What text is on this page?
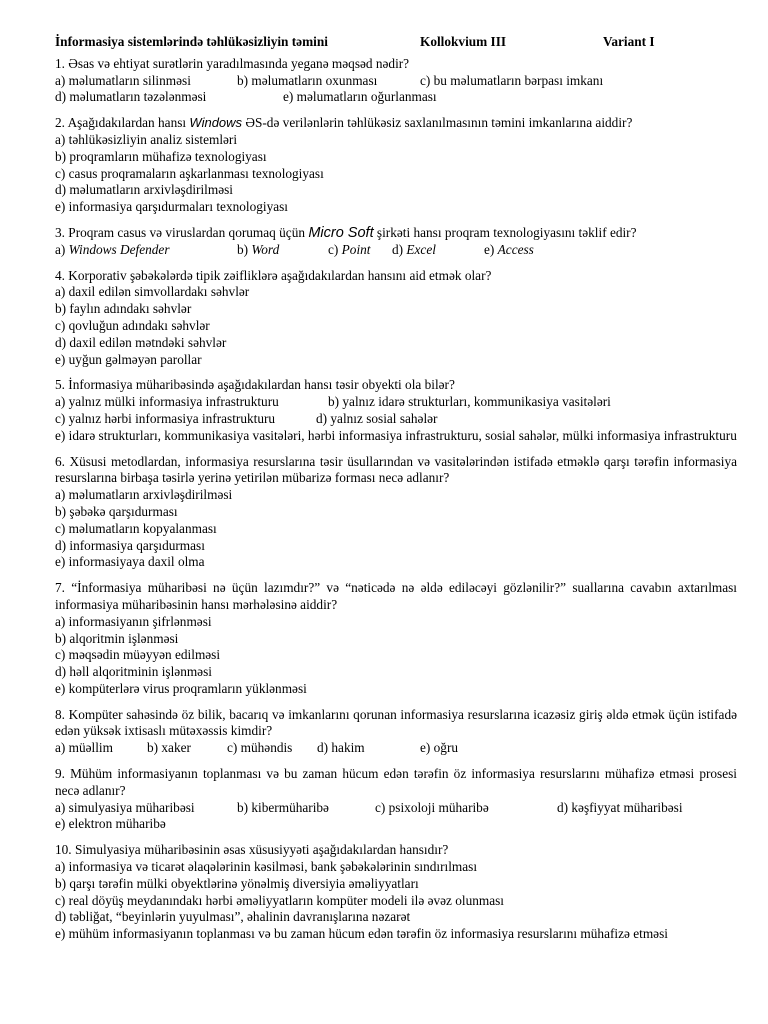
İnformasiya sistemlərində təhlükəsizliyin təmini	Kollokvium III	Variant I
1. Əsas və ehtiyat surətlərin yaradılmasında yeganə məqsəd nədir?
a) məlumatların silinməsi	b) məlumatların oxunması	c) bu məlumatların bərpası imkanı
d) məlumatların təzələnməsi	e) məlumatların oğurlanması
2. Aşağıdakılardan hansı Windows ƏS-də verilənlərin təhlükəsiz saxlanılmasının təmini imkanlarına aiddir?
a) təhlükəsizliyin analiz sistemləri
b) proqramların mühafizə texnologiyası
c) casus proqramaların aşkarlanması texnologiyası
d) məlumatların arxivləşdirilməsi
e) informasiya qarşıdurmaları texnologiyası
3. Proqram casus və viruslardan qorumaq üçün Micro Soft şirkəti hansı proqram texnologiyasını təklif edir?
a) Windows Defender	b) Word	c) Point	d) Excel	e) Access
4. Korporativ şəbəkələrdə tipik zəifliklərə aşağıdakılardan hansını aid etmək olar?
a) daxil edilən simvollardakı səhvlər
b) faylın adındakı səhvlər
c) qovluğun adındakı səhvlər
d) daxil edilən mətndəki səhvlər
e) uyğun gəlməyən parollar
5. İnformasiya müharibəsində aşağıdakılardan hansı təsir obyekti ola bilər?
a) yalnız mülki informasiya infrastrukturu	b) yalnız idarə strukturları, kommunikasiya vasitələri
c) yalnız hərbi informasiya infrastrukturu	d) yalnız sosial sahələr
e) idarə strukturları, kommunikasiya vasitələri, hərbi informasiya infrastrukturu, sosial sahələr, mülki informasiya infrastrukturu
6. Xüsusi metodlardan, informasiya resurslarına təsir üsullarından və vasitələrindən istifadə etməklə qarşı tərəfin informasiya resurslarına birbaşa təsirlə yerinə yetirilən mübarizə forması necə adlanır?
a) məlumatların arxivləşdirilməsi
b) şəbəkə qarşıdurması
c) məlumatların kopyalanması
d) informasiya qarşıdurması
e) informasiyaya daxil olma
7. “İnformasiya müharibəsi nə üçün lazımdır?” və “nəticədə nə əldə ediləcəyi gözlənilir?” suallarına cavabın axtarılması informasiya müharibəsinin hansı mərhələsinə aiddir?
a) informasiyanın şifrlənməsi
b) alqoritmin işlənməsi
c) məqsədin müəyyən edilməsi
d) həll alqoritminin işlənməsi
e) kompüterlərə virus proqramların yüklənməsi
8. Kompüter sahəsində öz bilik, bacarıq və imkanlarını qorunan informasiya resurslarına icazəsiz giriş əldə etmək üçün istifadə edən yüksək ixtisaslı mütəxəssis kimdir?
a) müəllim	b) xaker	c) mühəndis	d) hakim	e) oğru
9. Mühüm informasiyanın toplanması və bu zaman hücum edən tərəfin öz informasiya resurslarını mühafizə etməsi prosesi necə adlanır?
a) simulyasiya müharibəsi	b) kibermüharibə	c) psixoloji müharibə	d) kəşfiyyat müharibəsi
e) elektron müharibə
10. Simulyasiya müharibəsinin əsas xüsusiyyəti aşağıdakılardan hansıdır?
a) informasiya və ticarət əlaqələrinin kəsilməsi, bank şəbəkələrinin sındırılması
b) qarşı tərəfin mülki obyektlərinə yönəlmiş diversiyia əməliyyatları
c) real döyüş meydanındakı hərbi əməliyyatların kompüter modeli ilə əvəz olunması
d) təbliğat, “beyinlərin yuyulması”, əhalinin davranışlarına nəzarət
e) mühüm informasiyanın toplanması və bu zaman hücum edən tərəfin öz informasiya resurslarını mühafizə etməsi
